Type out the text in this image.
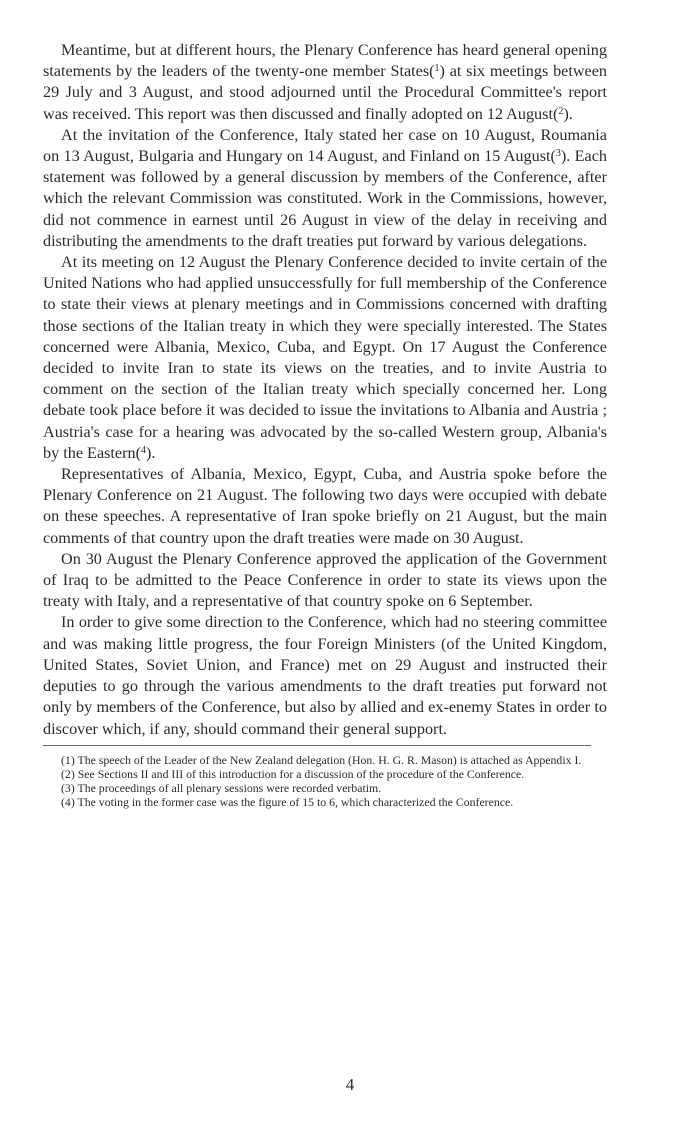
Meantime, but at different hours, the Plenary Conference has heard general opening statements by the leaders of the twenty-one member States($^1$) at six meetings between 29 July and 3 August, and stood adjourned until the Procedural Committee's report was received. This report was then discussed and finally adopted on 12 August($^2$).

At the invitation of the Conference, Italy stated her case on 10 August, Roumania on 13 August, Bulgaria and Hungary on 14 August, and Finland on 15 August($^3$). Each statement was followed by a general discussion by members of the Conference, after which the relevant Commission was constituted. Work in the Commissions, however, did not commence in earnest until 26 August in view of the delay in receiving and distributing the amendments to the draft treaties put forward by various delegations.

At its meeting on 12 August the Plenary Conference decided to invite certain of the United Nations who had applied unsuccessfully for full membership of the Conference to state their views at plenary meetings and in Commissions concerned with drafting those sections of the Italian treaty in which they were specially interested. The States concerned were Albania, Mexico, Cuba, and Egypt. On 17 August the Conference decided to invite Iran to state its views on the treaties, and to invite Austria to comment on the section of the Italian treaty which specially concerned her. Long debate took place before it was decided to issue the invitations to Albania and Austria ; Austria's case for a hearing was advocated by the so-called Western group, Albania's by the Eastern($^4$).

Representatives of Albania, Mexico, Egypt, Cuba, and Austria spoke before the Plenary Conference on 21 August. The following two days were occupied with debate on these speeches. A representative of Iran spoke briefly on 21 August, but the main comments of that country upon the draft treaties were made on 30 August.

On 30 August the Plenary Conference approved the application of the Government of Iraq to be admitted to the Peace Conference in order to state its views upon the treaty with Italy, and a representative of that country spoke on 6 September.

In order to give some direction to the Conference, which had no steering committee and was making little progress, the four Foreign Ministers (of the United Kingdom, United States, Soviet Union, and France) met on 29 August and instructed their deputies to go through the various amendments to the draft treaties put forward not only by members of the Conference, but also by allied and ex-enemy States in order to discover which, if any, should command their general support.

(1) The speech of the Leader of the New Zealand delegation (Hon. H. G. R. Mason) is attached as Appendix I.

(2) See Sections II and III of this introduction for a discussion of the procedure of the Conference.

(3) The proceedings of all plenary sessions were recorded verbatim.

(4) The voting in the former case was the figure of 15 to 6, which characterized the Conference.

4
